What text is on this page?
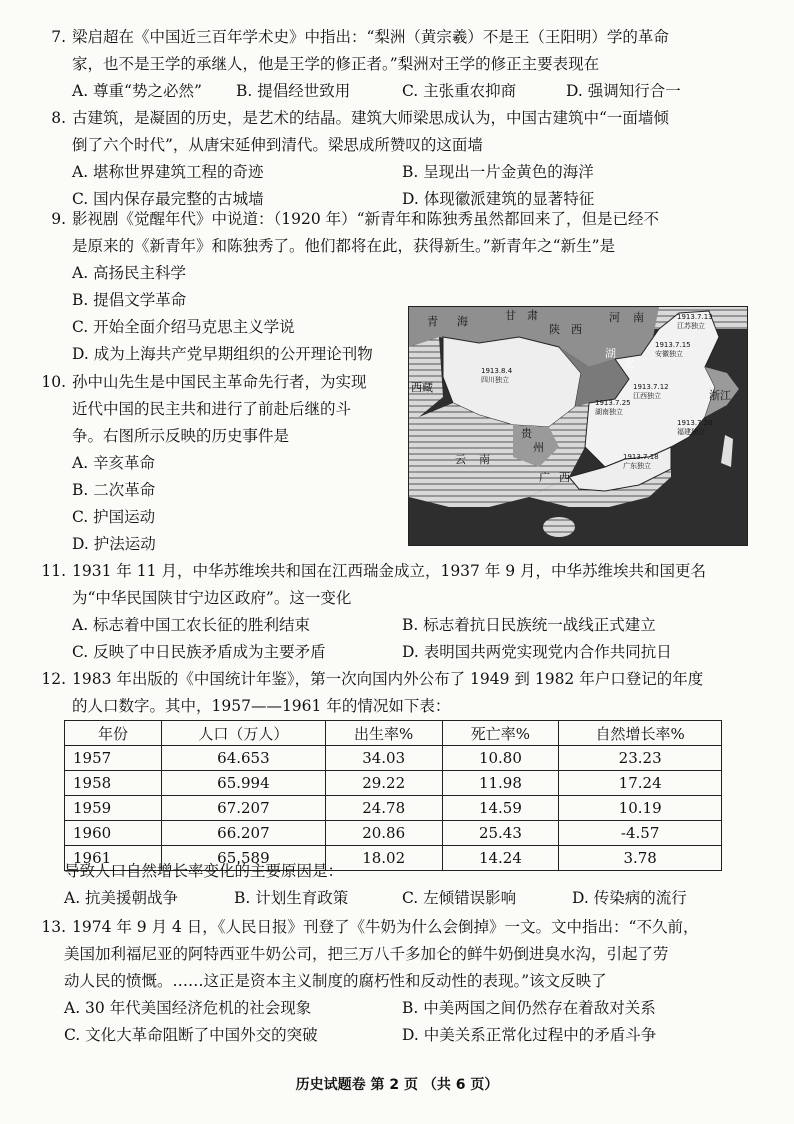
7. 梁启超在《中国近三百年学术史》中指出：“梨洲（黄宗羲）不是王（王阳明）学的革命
家，也不是王学的承继人，他是王学的修正者。”梨洲对王学的修正主要表现在
A. 尊重“势之必然” B. 提倡经世致用	C. 主张重农抑商	D. 强调知行合一
8. 古建筑，是凝固的历史，是艺术的结晶。建筑大师梁思成认为，中国古建筑中“一面墙倾
倒了六个时代”，从唐宋延伸到清代。梁思成所赞叹的这面墙
A. 堪称世界建筑工程的奇迹	B. 呈现出一片金黄色的海洋
C. 国内保存最完整的古城墙	D. 体现徽派建筑的显著特征
9. 影视剧《觉醒年代》中说道：（1920 年）“新青年和陈独秀虽然都回来了，但是已经不
是原来的《新青年》和陈独秀了。他们都将在此，获得新生。”新青年之“新生”是
A. 高扬民主科学
B. 提倡文学革命
C. 开始全面介绍马克思主义学说
D. 成为上海共产党早期组织的公开理论刊物
10. 孙中山先生是中国民主革命先行者，为实现
近代中国的民主共和进行了前赴后继的斗
争。右图所示反映的历史事件是
A. 辛亥革命
B. 二次革命
C. 护国运动
D. 护法运动
青 海	甘 肃
陕 西
河 南
湖
北
西藏
贵
州
云 南
广 西
浙江
1913.8.4
四川独立
1913.7.13
江苏独立
1913.7.15
安徽独立
1913.7.12
江西独立
1913.7.25
湖南独立
1913.7.20
福建独立
1913.7.18
广东独立
11. 1931 年 11 月，中华苏维埃共和国在江西瑞金成立，1937 年 9 月，中华苏维埃共和国更名
为“中华民国陕甘宁边区政府”。这一变化
A. 标志着中国工农长征的胜利结束	B. 标志着抗日民族统一战线正式建立
C. 反映了中日民族矛盾成为主要矛盾	D. 表明国共两党实现党内合作共同抗日
12. 1983 年出版的《中国统计年鉴》，第一次向国内外公布了 1949 到 1982 年户口登记的年度
的人口数字。其中，1957——1961 年的情况如下表：
年份	人口（万人）	出生率%	死亡率%	自然增长率%
1957	64.653	34.03	10.80	23.23
1958	65.994	29.22	11.98	17.24
1959	67.207	24.78	14.59	10.19
1960	66.207	20.86	25.43	-4.57
1961	65.589	18.02	14.24	3.78
导致人口自然增长率变化的主要原因是：
A. 抗美援朝战争	B. 计划生育政策	C. 左倾错误影响	D. 传染病的流行
13. 1974 年 9 月 4 日，《人民日报》刊登了《牛奶为什么会倒掉》一文。文中指出：“不久前，
美国加利福尼亚的阿特西亚牛奶公司，把三万八千多加仑的鲜牛奶倒进臭水沟，引起了劳
动人民的愤慨。……这正是资本主义制度的腐朽性和反动性的表现。”该文反映了
A. 30 年代美国经济危机的社会现象	B. 中美两国之间仍然存在着敌对关系
C. 文化大革命阻断了中国外交的突破	D. 中美关系正常化过程中的矛盾斗争
历史试题卷 第 2 页 （共 6 页）
